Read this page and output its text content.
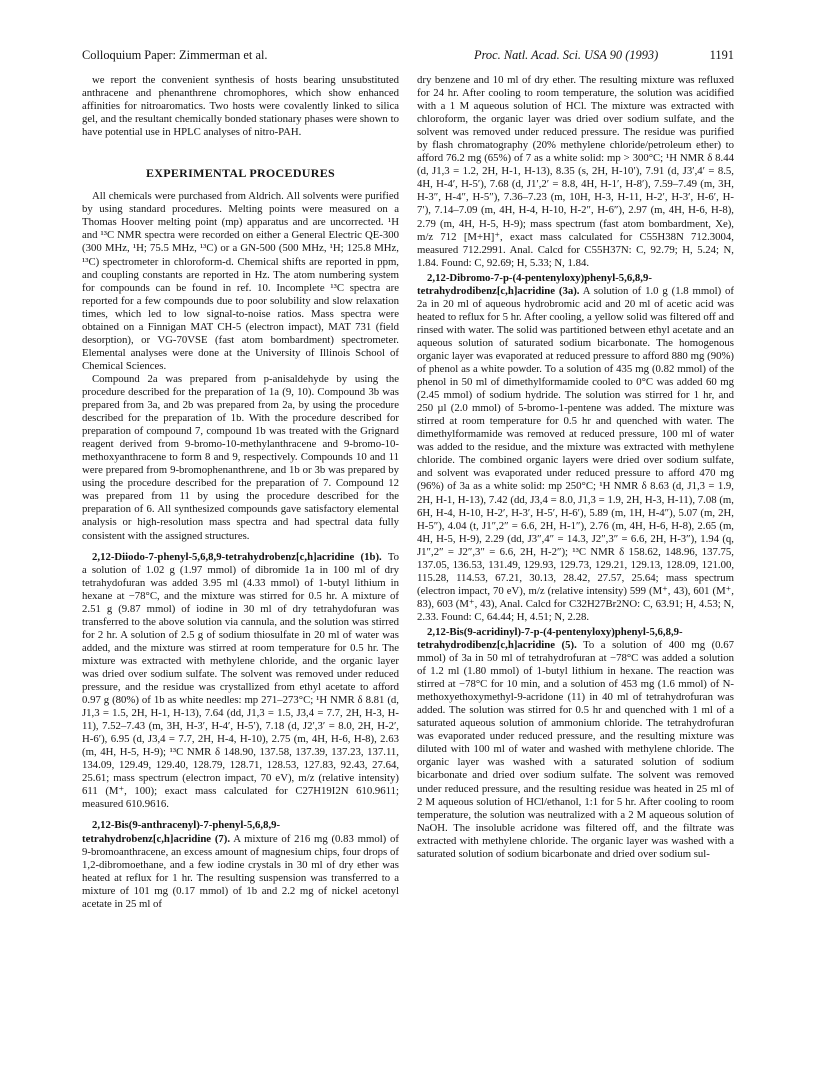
Colloquium Paper: Zimmerman et al.	Proc. Natl. Acad. Sci. USA 90 (1993)	1191

we report the convenient synthesis of hosts bearing unsubstituted anthracene and phenanthrene chromophores, which show enhanced affinities for nitroaromatics. Two hosts were covalently linked to silica gel, and the resultant chemically bonded stationary phases were shown to have potential use in HPLC analyses of nitro-PAH.

EXPERIMENTAL PROCEDURES

All chemicals were purchased from Aldrich. All solvents were purified by using standard procedures. Melting points were measured on a Thomas Hoover melting point (mp) apparatus and are uncorrected. ¹H and ¹³C NMR spectra were recorded on either a General Electric QE-300 (300 MHz, ¹H; 75.5 MHz, ¹³C) or a GN-500 (500 MHz, ¹H; 125.8 MHz, ¹³C) spectrometer in chloroform-d. Chemical shifts are reported in ppm, and coupling constants are reported in Hz. The atom numbering system for compounds can be found in ref. 10. Incomplete ¹³C spectra are reported for a few compounds due to poor solubility and slow relaxation times, which led to low signal-to-noise ratios. Mass spectra were obtained on a Finnigan MAT CH-5 (electron impact), MAT 731 (field desorption), or VG-70VSE (fast atom bombardment) spectrometer. Elemental analyses were done at the University of Illinois School of Chemical Sciences.

Compound 2a was prepared from p-anisaldehyde by using the procedure described for the preparation of 1a (9, 10). Compound 3b was prepared from 3a, and 2b was prepared from 2a, by using the procedure described for the preparation of 1b. With the procedure described for preparation of compound 7, compound 1b was treated with the Grignard reagent derived from 9-bromo-10-methylanthracene and 9-bromo-10-methoxyanthracene to form 8 and 9, respectively. Compounds 10 and 11 were prepared from 9-bromophenanthrene, and 1b or 3b was prepared by using the procedure described for the preparation of 7. Compound 12 was prepared from 11 by using the procedure described for the preparation of 6. All synthesized compounds gave satisfactory elemental analysis or high-resolution mass spectra and had spectral data fully consistent with the assigned structures.

2,12-Diiodo-7-phenyl-5,6,8,9-tetrahydrobenz[c,h]acridine (1b). To a solution of 1.02 g (1.97 mmol) of dibromide 1a in 100 ml of dry tetrahydofuran was added 3.95 ml (4.33 mmol) of 1-butyl lithium in hexane at −78°C, and the mixture was stirred for 0.5 hr. A mixture of 2.51 g (9.87 mmol) of iodine in 30 ml of dry tetrahydofuran was transferred to the above solution via cannula, and the solution was stirred for 2 hr. A solution of 2.5 g of sodium thiosulfate in 20 ml of water was added, and the mixture was stirred at room temperature for 0.5 hr. The mixture was extracted with methylene chloride, and the organic layer was dried over sodium sulfate. The solvent was removed under reduced pressure, and the residue was crystallized from ethyl acetate to afford 0.97 g (80%) of 1b as white needles: mp 271–273°C; ¹H NMR δ 8.81 (d, J1,3 = 1.5, 2H, H-1, H-13), 7.64 (dd, J1,3 = 1.5, J3,4 = 7.7, 2H, H-3, H-11), 7.52–7.43 (m, 3H, H-3′, H-4′, H-5′), 7.18 (d, J2′,3′ = 8.0, 2H, H-2′, H-6′), 6.95 (d, J3,4 = 7.7, 2H, H-4, H-10), 2.75 (m, 4H, H-6, H-8), 2.63 (m, 4H, H-5, H-9); ¹³C NMR δ 148.90, 137.58, 137.39, 137.23, 137.11, 134.09, 129.49, 129.40, 128.79, 128.71, 128.53, 127.83, 92.43, 27.64, 25.61; mass spectrum (electron impact, 70 eV), m/z (relative intensity) 611 (M⁺, 100); exact mass calculated for C27H19I2N 610.9611; measured 610.9616.

2,12-Bis(9-anthracenyl)-7-phenyl-5,6,8,9-tetrahydrobenz[c,h]acridine (7). A mixture of 216 mg (0.83 mmol) of 9-bromoanthracene, an excess amount of magnesium chips, four drops of 1,2-dibromoethane, and a few iodine crystals in 30 ml of dry ether was heated at reflux for 1 hr. The resulting suspension was transferred to a mixture of 101 mg (0.17 mmol) of 1b and 2.2 mg of nickel acetonyl acetate in 25 ml of

dry benzene and 10 ml of dry ether. The resulting mixture was refluxed for 24 hr. After cooling to room temperature, the solution was acidified with a 1 M aqueous solution of HCl. The mixture was extracted with chloroform, the organic layer was dried over sodium sulfate, and the solvent was removed under reduced pressure. The residue was purified by flash chromatography (20% methylene chloride/petroleum ether) to afford 76.2 mg (65%) of 7 as a white solid: mp > 300°C; ¹H NMR δ 8.44 (d, J1,3 = 1.2, 2H, H-1, H-13), 8.35 (s, 2H, H-10′), 7.91 (d, J3′,4′ = 8.5, 4H, H-4′, H-5′), 7.68 (d, J1′,2′ = 8.8, 4H, H-1′, H-8′), 7.59–7.49 (m, 3H, H-3″, H-4″, H-5″), 7.36–7.23 (m, 10H, H-3, H-11, H-2′, H-3′, H-6′, H-7′), 7.14–7.09 (m, 4H, H-4, H-10, H-2″, H-6″), 2.97 (m, 4H, H-6, H-8), 2.79 (m, 4H, H-5, H-9); mass spectrum (fast atom bombardment, Xe), m/z 712 [M+H]⁺, exact mass calculated for C55H38N 712.3004, measured 712.2991. Anal. Calcd for C55H37N: C, 92.79; H, 5.24; N, 1.84. Found: C, 92.69; H, 5.33; N, 1.84.

2,12-Dibromo-7-p-(4-pentenyloxy)phenyl-5,6,8,9-tetrahydrodibenz[c,h]acridine (3a). A solution of 1.0 g (1.8 mmol) of 2a in 20 ml of aqueous hydrobromic acid and 20 ml of acetic acid was heated to reflux for 5 hr. After cooling, a yellow solid was filtered off and rinsed with water. The solid was partitioned between ethyl acetate and an aqueous solution of saturated sodium bicarbonate. The homogenous organic layer was evaporated at reduced pressure to afford 880 mg (90%) of phenol as a white powder. To a solution of 435 mg (0.82 mmol) of the phenol in 50 ml of dimethylformamide cooled to 0°C was added 60 mg (2.45 mmol) of sodium hydride. The solution was stirred for 1 hr, and 250 µl (2.0 mmol) of 5-bromo-1-pentene was added. The mixture was stirred at room temperature for 0.5 hr and quenched with water. The dimethylformamide was removed at reduced pressure, 100 ml of water was added to the residue, and the mixture was extracted with methylene chloride. The combined organic layers were dried over sodium sulfate, and solvent was evaporated under reduced pressure to afford 470 mg (96%) of 3a as a white solid: mp 250°C; ¹H NMR δ 8.63 (d, J1,3 = 1.9, 2H, H-1, H-13), 7.42 (dd, J3,4 = 8.0, J1,3 = 1.9, 2H, H-3, H-11), 7.08 (m, 6H, H-4, H-10, H-2′, H-3′, H-5′, H-6′), 5.89 (m, 1H, H-4″), 5.07 (m, 2H, H-5″), 4.04 (t, J1″,2″ = 6.6, 2H, H-1″), 2.76 (m, 4H, H-6, H-8), 2.65 (m, 4H, H-5, H-9), 2.29 (dd, J3″,4″ = 14.3, J2″,3″ = 6.6, 2H, H-3″), 1.94 (q, J1″,2″ = J2″,3″ = 6.6, 2H, H-2″); ¹³C NMR δ 158.62, 148.96, 137.75, 137.05, 136.53, 131.49, 129.93, 129.73, 129.21, 129.13, 128.09, 121.00, 115.28, 114.53, 67.21, 30.13, 28.42, 27.57, 25.64; mass spectrum (electron impact, 70 eV), m/z (relative intensity) 599 (M⁺, 43), 601 (M⁺, 83), 603 (M⁺, 43), Anal. Calcd for C32H27Br2NO: C, 63.91; H, 4.53; N, 2.33. Found: C, 64.44; H, 4.51; N, 2.28.

2,12-Bis(9-acridinyl)-7-p-(4-pentenyloxy)phenyl-5,6,8,9-tetrahydrodibenz[c,h]acridine (5). To a solution of 400 mg (0.67 mmol) of 3a in 50 ml of tetrahydrofuran at −78°C was added a solution of 1.2 ml (1.80 mmol) of 1-butyl lithium in hexane. The reaction was stirred at −78°C for 10 min, and a solution of 453 mg (1.6 mmol) of N-methoxyethoxymethyl-9-acridone (11) in 40 ml of tetrahydrofuran was added. The solution was stirred for 0.5 hr and quenched with 1 ml of a saturated aqueous solution of ammonium chloride. The tetrahydrofuran was evaporated under reduced pressure, and the resulting mixture was diluted with 100 ml of water and washed with methylene chloride. The organic layer was washed with a saturated solution of sodium bicarbonate and dried over sodium sulfate. The solvent was removed under reduced pressure, and the resulting residue was heated in 25 ml of 2 M aqueous solution of HCl/ethanol, 1:1 for 5 hr. After cooling to room temperature, the solution was neutralized with a 2 M aqueous solution of NaOH. The insoluble acridone was filtered off, and the filtrate was extracted with methylene chloride. The organic layer was washed with a saturated solution of sodium bicarbonate and dried over sodium sul-
